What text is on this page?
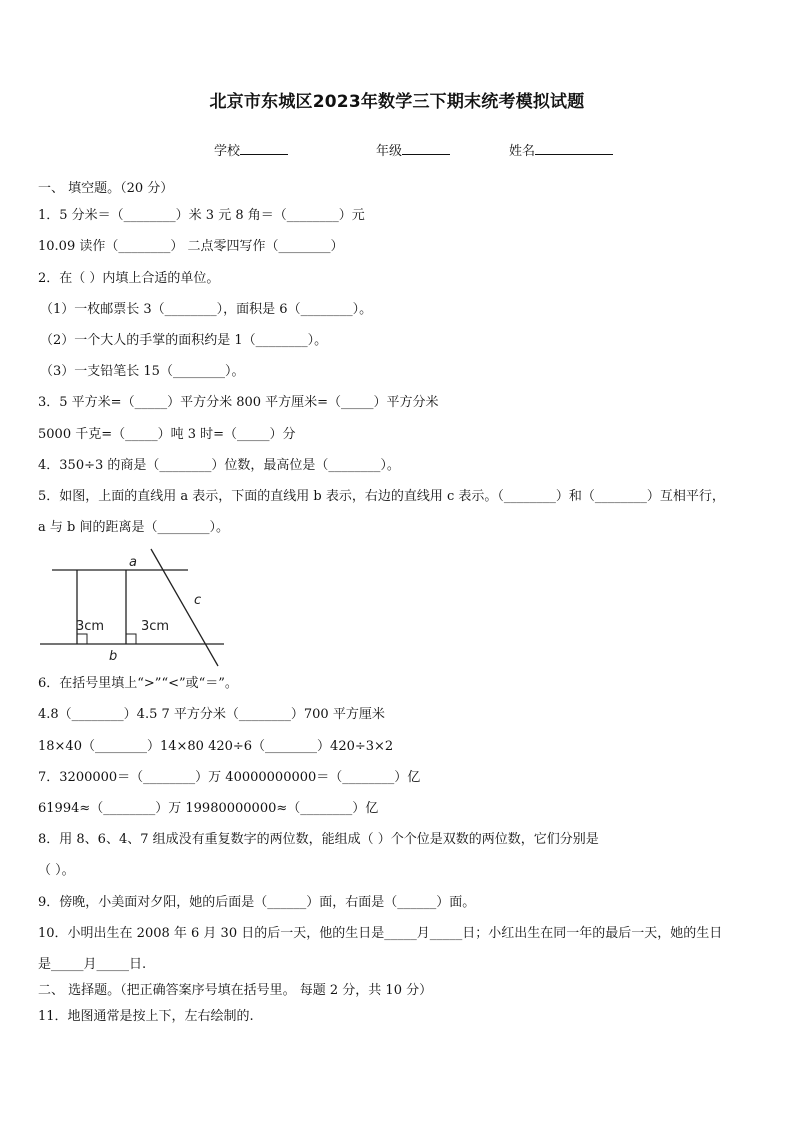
北京市东城区2023年数学三下期末统考模拟试题
学校	年级	姓名
一、 填空题。（20 分）
1．5 分米＝（________）米 3 元 8 角＝（________）元
10.09 读作（________） 二点零四写作（________）
2．在（ ）内填上合适的单位。
（1）一枚邮票长 3（________），面积是 6（________）。
（2）一个大人的手掌的面积约是 1（________）。
（3）一支铅笔长 15（________）。
3．5 平方米=（_____）平方分米 800 平方厘米=（_____）平方分米
5000 千克=（_____）吨 3 时=（_____）分
4．350÷3 的商是（________）位数，最高位是（________）。
5．如图，上面的直线用 a 表示，下面的直线用 b 表示，右边的直线用 c 表示。（________）和（________）互相平行，
a 与 b 间的距离是（________）。
3cm	3cm
a
b
c
6．在括号里填上“>”“<”或“＝”。
4.8（________）4.5 7 平方分米（________）700 平方厘米
18×40（________）14×80 420÷6（________）420÷3×2
7．3200000＝（________）万 40000000000＝（________）亿
61994≈（________）万 19980000000≈（________）亿
8．用 8、6、4、7 组成没有重复数字的两位数，能组成（ ）个个位是双数的两位数，它们分别是
（ ）。
9．傍晚，小美面对夕阳，她的后面是（______）面，右面是（______）面。
10．小明出生在 2008 年 6 月 30 日的后一天，他的生日是_____月_____日；小红出生在同一年的最后一天，她的生日
是_____月_____日.
二、 选择题。（把正确答案序号填在括号里。 每题 2 分，共 10 分）
11．地图通常是按上下，左右绘制的.
